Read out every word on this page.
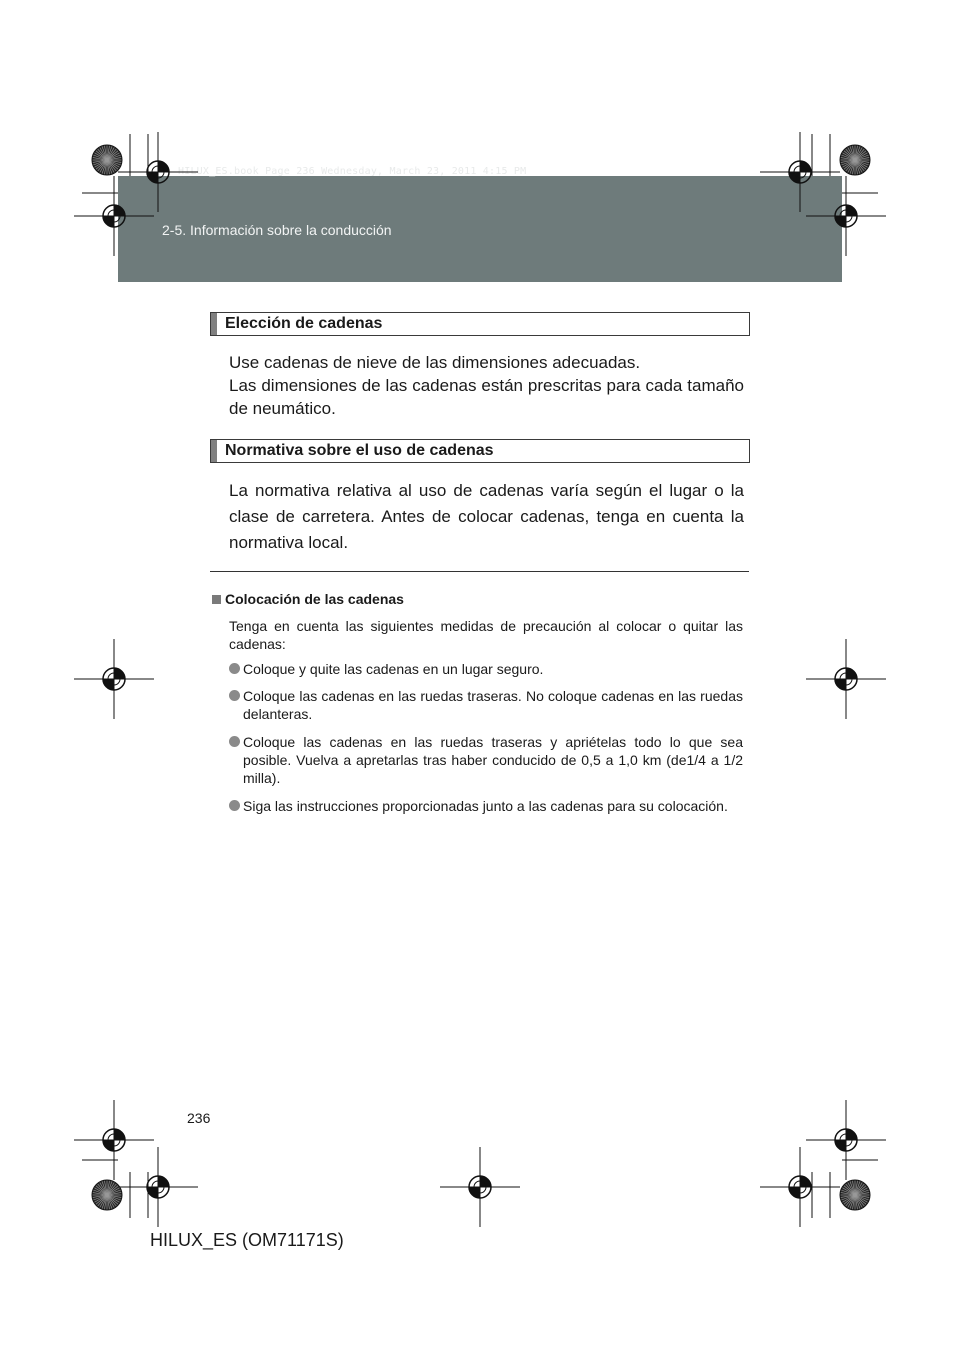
HILUX_ES.book Page 236 Wednesday, March 23, 2011 4:15 PM
2-5. Información sobre la conducción
Elección de cadenas

Use cadenas de nieve de las dimensiones adecuadas.

Las dimensiones de las cadenas están prescritas para cada tamaño de neumático.

Normativa sobre el uso de cadenas

La normativa relativa al uso de cadenas varía según el lugar o la clase de carretera. Antes de colocar cadenas, tenga en cuenta la normativa local.

Colocación de las cadenas
Tenga en cuenta las siguientes medidas de precaución al colocar o quitar las cadenas:
Coloque y quite las cadenas en un lugar seguro.
Coloque las cadenas en las ruedas traseras. No coloque cadenas en las ruedas delanteras.
Coloque las cadenas en las ruedas traseras y apriételas todo lo que sea posible. Vuelva a apretarlas tras haber conducido de 0,5 a 1,0 km (de1/4 a 1/2 milla).
Siga las instrucciones proporcionadas junto a las cadenas para su colocación.
236
HILUX_ES (OM71171S)
